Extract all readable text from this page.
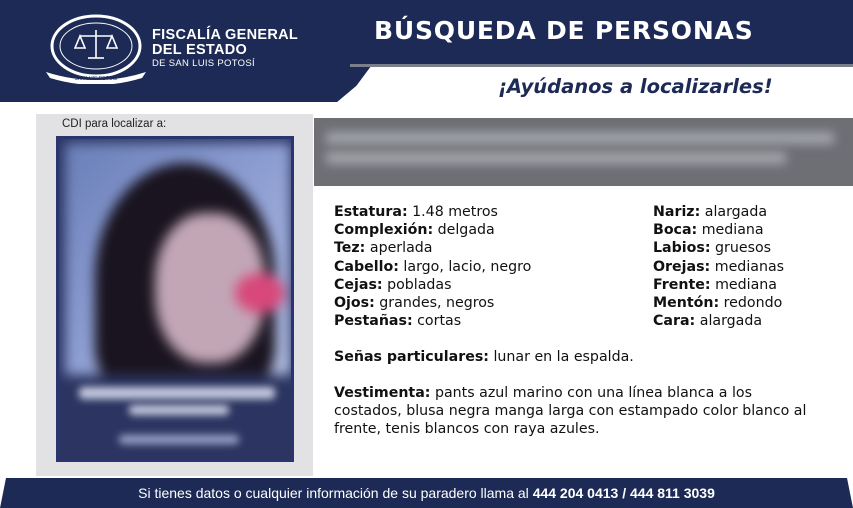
SAN LUIS POTOSÍ
FISCALÍA GENERAL
DEL ESTADO
DE SAN LUIS POTOSÍ
BÚSQUEDA DE PERSONAS
¡Ayúdanos a localizarles!
CDI para localizar a:
Estatura: 1.48 metros
Complexión: delgada
Tez: aperlada
Cabello: largo, lacio, negro
Cejas: pobladas
Ojos: grandes, negros
Pestañas: cortas
Nariz: alargada
Boca: mediana
Labios: gruesos
Orejas: medianas
Frente: mediana
Mentón: redondo
Cara: alargada
Señas particulares: lunar en la espalda.
Vestimenta: pants azul marino con una línea blanca a los costados, blusa negra manga larga con estampado color blanco al frente, tenis blancos con raya azules.
Si tienes datos o cualquier información de su paradero llama al 444 204 0413 / 444 811 3039
